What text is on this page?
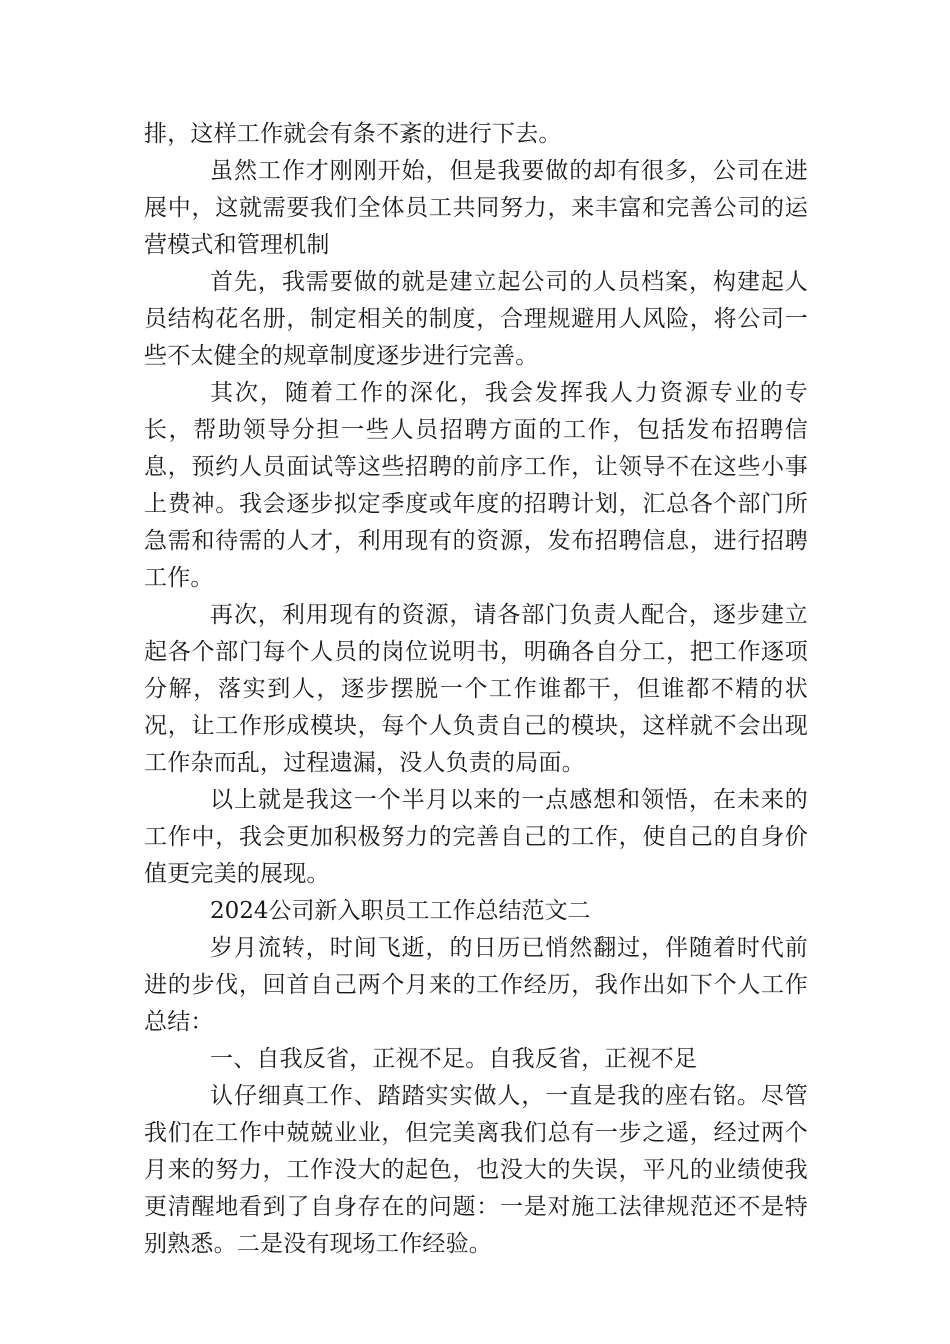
排，这样工作就会有条不紊的进行下去。

虽然工作才刚刚开始，但是我要做的却有很多，公司在进展中，这就需要我们全体员工共同努力，来丰富和完善公司的运营模式和管理机制

首先，我需要做的就是建立起公司的人员档案，构建起人员结构花名册，制定相关的制度，合理规避用人风险，将公司一些不太健全的规章制度逐步进行完善。

其次，随着工作的深化，我会发挥我人力资源专业的专长，帮助领导分担一些人员招聘方面的工作，包括发布招聘信息，预约人员面试等这些招聘的前序工作，让领导不在这些小事上费神。我会逐步拟定季度或年度的招聘计划，汇总各个部门所急需和待需的人才，利用现有的资源，发布招聘信息，进行招聘工作。

再次，利用现有的资源，请各部门负责人配合，逐步建立起各个部门每个人员的岗位说明书，明确各自分工，把工作逐项分解，落实到人，逐步摆脱一个工作谁都干，但谁都不精的状况，让工作形成模块，每个人负责自己的模块，这样就不会出现工作杂而乱，过程遗漏，没人负责的局面。

以上就是我这一个半月以来的一点感想和领悟，在未来的工作中，我会更加积极努力的完善自己的工作，使自己的自身价值更完美的展现。

2024公司新入职员工工作总结范文二

岁月流转，时间飞逝，的日历已悄然翻过，伴随着时代前进的步伐，回首自己两个月来的工作经历，我作出如下个人工作总结：

一、自我反省，正视不足。自我反省，正视不足

认仔细真工作、踏踏实实做人，一直是我的座右铭。尽管我们在工作中兢兢业业，但完美离我们总有一步之遥，经过两个月来的努力，工作没大的起色，也没大的失误，平凡的业绩使我更清醒地看到了自身存在的问题：一是对施工法律规范还不是特别熟悉。二是没有现场工作经验。
